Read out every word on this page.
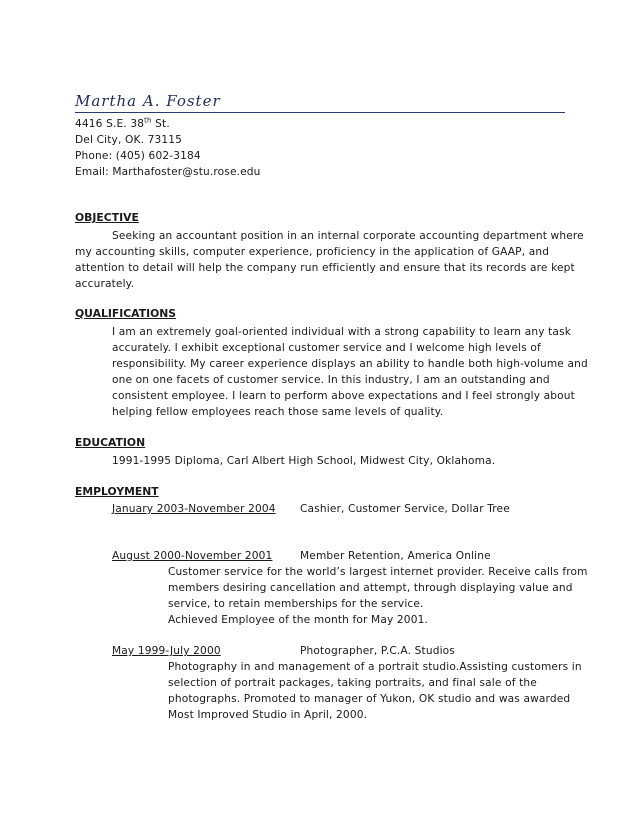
Martha A. Foster
4416 S.E. 38th St.
Del City, OK. 73115
Phone: (405) 602-3184
Email: Marthafoster@stu.rose.edu
OBJECTIVE
Seeking an accountant position in an internal corporate accounting department where
my accounting skills, computer experience, proficiency in the application of GAAP, and
attention to detail will help the company run efficiently and ensure that its records are kept
accurately.
QUALIFICATIONS
I am an extremely goal-oriented individual with a strong capability to learn any task
accurately. I exhibit exceptional customer service and I welcome high levels of
responsibility. My career experience displays an ability to handle both high-volume and
one on one facets of customer service. In this industry, I am an outstanding and
consistent employee. I learn to perform above expectations and I feel strongly about
helping fellow employees reach those same levels of quality.
EDUCATION
1991-1995 Diploma, Carl Albert High School, Midwest City, Oklahoma.
EMPLOYMENT
January 2003-November 2004 Cashier, Customer Service, Dollar Tree
August 2000-November 2001	Member Retention, America Online
Customer service for the world’s largest internet provider. Receive calls from
members desiring cancellation and attempt, through displaying value and
service, to retain memberships for the service.
Achieved Employee of the month for May 2001.
May 1999-July 2000	Photographer, P.C.A. Studios
Photography in and management of a portrait studio.Assisting customers in
selection of portrait packages, taking portraits, and final sale of the
photographs. Promoted to manager of Yukon, OK studio and was awarded
Most Improved Studio in April, 2000.
